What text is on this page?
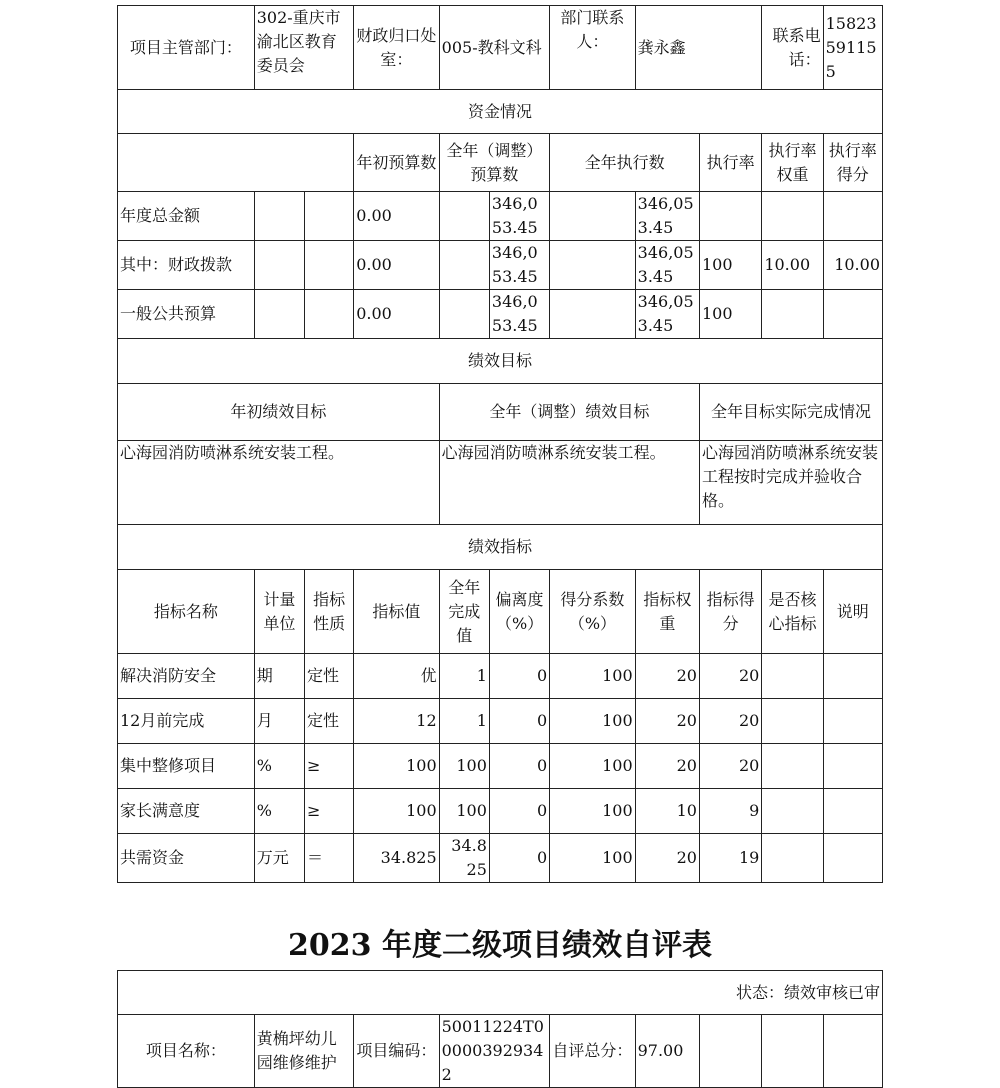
项目主管部门：	302-重庆市渝北区教育委员会		财政归口处室：	005-教科文科		部门联系人：	龚永鑫		联系电话：	15823591155
资金情况										
			年初预算数	全年（调整）预算数		全年执行数		执行率	执行率权重	执行率得分
年度总金额			0.00		346,053.45		346,053.45			
其中：财政拨款			0.00		346,053.45		346,053.45	100	10.00	10.00
一般公共预算			0.00		346,053.45		346,053.45	100		
绩效目标										
年初绩效目标				全年（调整）绩效目标				全年目标实际完成情况		
心海园消防喷淋系统安装工程。				心海园消防喷淋系统安装工程。				心海园消防喷淋系统安装工程按时完成并验收合格。		
绩效指标										
指标名称	计量单位	指标性质	指标值	全年完成值	偏离度（%）	得分系数（%）	指标权重	指标得分	是否核心指标	说明
解决消防安全	期	定性	优	1	0	100	20	20		
12月前完成	月	定性	12	1	0	100	20	20		
集中整修项目	%	≥	100	100	0	100	20	20		
家长满意度	%	≥	100	100	0	100	10	9		
共需资金	万元	＝	34.825	34.825	0	100	20	19		
2023 年度二级项目绩效自评表
状态：绩效审核已审
项目名称：	黄桷坪幼儿园维修维护	项目编码：	50011224T000003929342	自评总分：	97.00			
